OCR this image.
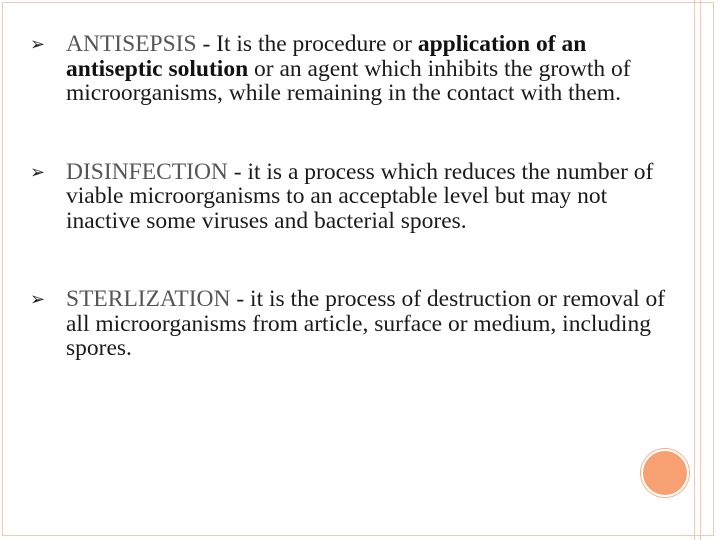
➢ ANTISEPSIS - It is the procedure or application of an antiseptic solution or an agent which inhibits the growth of microorganisms, while remaining in the contact with them.
➢ DISINFECTION - it is a process which reduces the number of viable microorganisms to an acceptable level but may not inactive some viruses and bacterial spores.
➢ STERLIZATION - it is the process of destruction or removal of all microorganisms from article, surface or medium, including spores.
